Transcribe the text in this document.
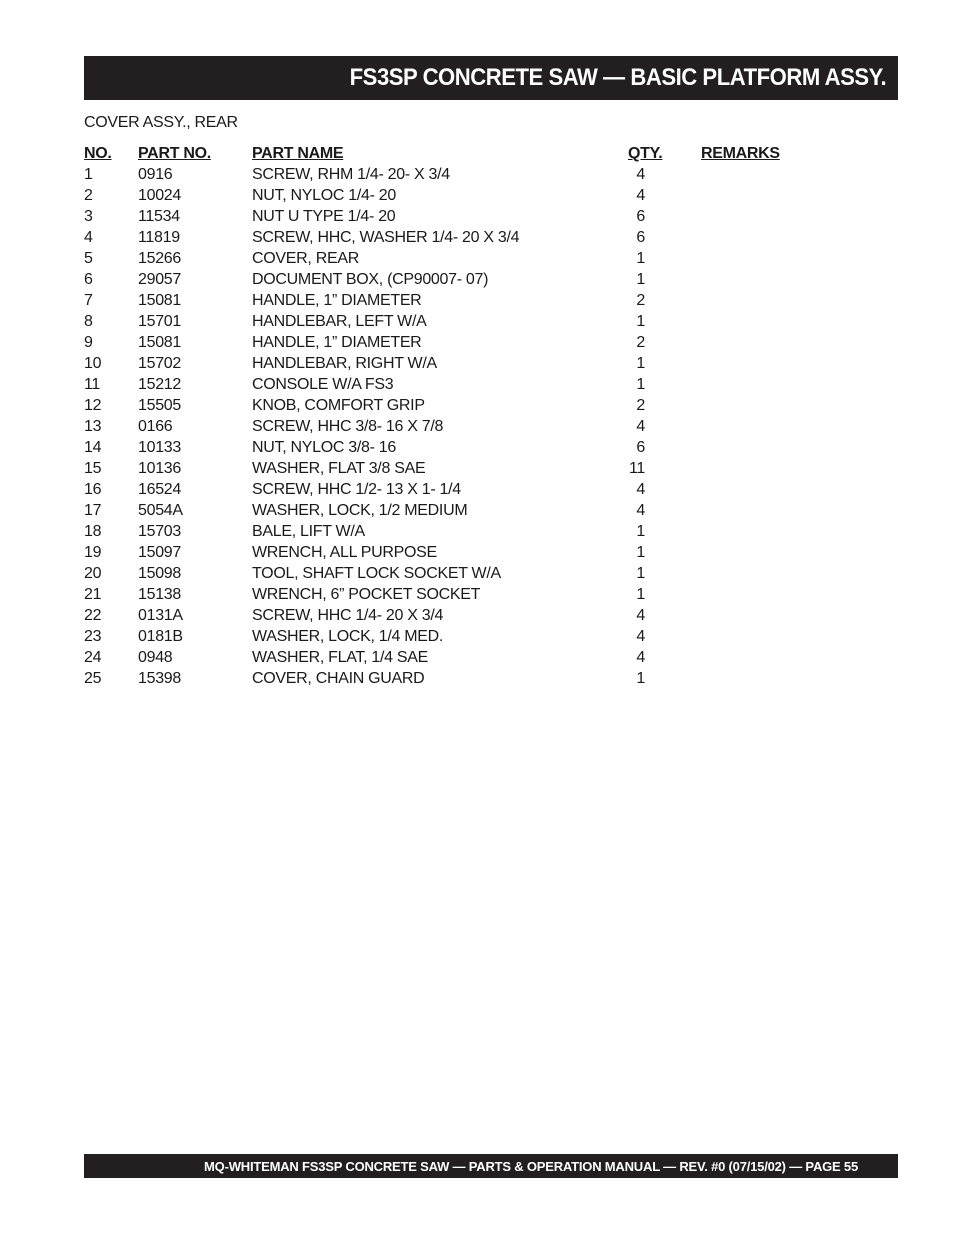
FS3SP CONCRETE SAW — BASIC PLATFORM ASSY.
COVER ASSY., REAR
NO.	PART NO.	PART NAME	QTY.	REMARKS
1	0916	SCREW, RHM 1/4- 20- X 3/4	4	
2	10024	NUT, NYLOC 1/4- 20	4	
3	11534	NUT U TYPE 1/4- 20	6	
4	11819	SCREW, HHC, WASHER 1/4- 20 X 3/4	6	
5	15266	COVER, REAR	1	
6	29057	DOCUMENT BOX, (CP90007- 07)	1	
7	15081	HANDLE, 1” DIAMETER	2	
8	15701	HANDLEBAR, LEFT W/A	1	
9	15081	HANDLE, 1” DIAMETER	2	
10	15702	HANDLEBAR, RIGHT W/A	1	
11	15212	CONSOLE W/A FS3	1	
12	15505	KNOB, COMFORT GRIP	2	
13	0166	SCREW, HHC 3/8- 16 X 7/8	4	
14	10133	NUT, NYLOC 3/8- 16	6	
15	10136	WASHER, FLAT 3/8 SAE	11	
16	16524	SCREW, HHC 1/2- 13 X 1- 1/4	4	
17	5054A	WASHER, LOCK, 1/2 MEDIUM	4	
18	15703	BALE, LIFT W/A	1	
19	15097	WRENCH, ALL PURPOSE	1	
20	15098	TOOL, SHAFT LOCK SOCKET W/A	1	
21	15138	WRENCH, 6” POCKET SOCKET	1	
22	0131A	SCREW, HHC 1/4- 20 X 3/4	4	
23	0181B	WASHER, LOCK, 1/4 MED.	4	
24	0948	WASHER, FLAT, 1/4 SAE	4	
25	15398	COVER, CHAIN GUARD	1	
MQ-WHITEMAN FS3SP CONCRETE SAW — PARTS & OPERATION MANUAL — REV. #0 (07/15/02) — PAGE 55
